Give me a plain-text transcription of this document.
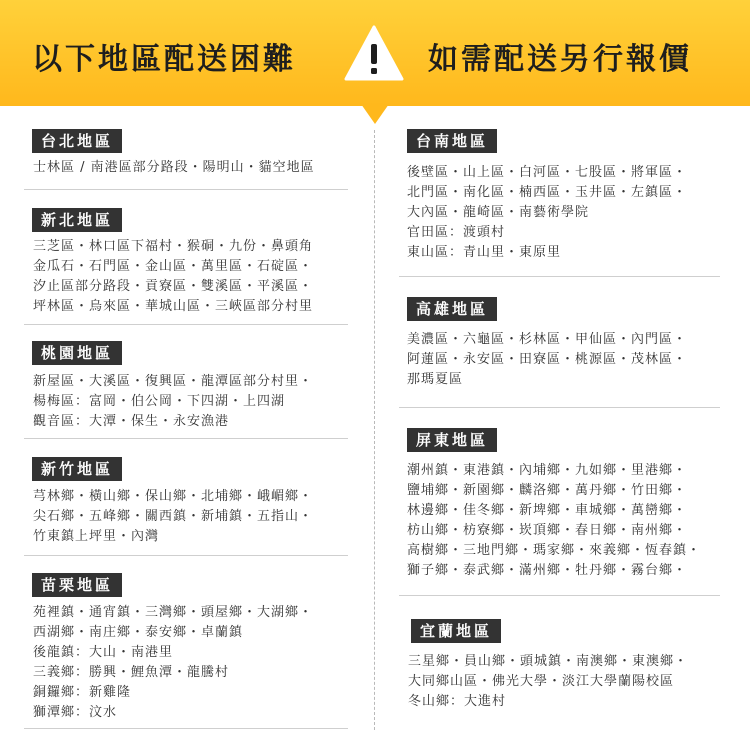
以下地區配送困難	如需配送另行報價
台北地區
士林區 / 南港區部分路段・陽明山・貓空地區
新北地區
三芝區・林口區下福村・猴硐・九份・鼻頭角
金瓜石・石門區・金山區・萬里區・石碇區・
汐止區部分路段・貢寮區・雙溪區・平溪區・
坪林區・烏來區・華城山區・三峽區部分村里
桃園地區
新屋區・大溪區・復興區・龍潭區部分村里・
楊梅區：富岡・伯公岡・下四湖・上四湖
觀音區：大潭・保生・永安漁港
新竹地區
芎林鄉・橫山鄉・保山鄉・北埔鄉・峨嵋鄉・
尖石鄉・五峰鄉・關西鎮・新埔鎮・五指山・
竹東鎮上坪里・內灣
苗栗地區
苑裡鎮・通宵鎮・三灣鄉・頭屋鄉・大湖鄉・
西湖鄉・南庄鄉・泰安鄉・卓蘭鎮
後龍鎮：大山・南港里
三義鄉：勝興・鯉魚潭・龍騰村
銅鑼鄉：新雞隆
獅潭鄉：汶水
台南地區
後壁區・山上區・白河區・七股區・將軍區・
北門區・南化區・楠西區・玉井區・左鎮區・
大內區・龍崎區・南藝術學院
官田區：渡頭村
東山區：青山里・東原里
高雄地區
美濃區・六龜區・杉林區・甲仙區・內門區・
阿蓮區・永安區・田寮區・桃源區・茂林區・
那瑪夏區
屏東地區
潮州鎮・東港鎮・內埔鄉・九如鄉・里港鄉・
鹽埔鄉・新園鄉・麟洛鄉・萬丹鄉・竹田鄉・
林邊鄉・佳冬鄉・新埤鄉・車城鄉・萬巒鄉・
枋山鄉・枋寮鄉・崁頂鄉・春日鄉・南州鄉・
高樹鄉・三地門鄉・瑪家鄉・來義鄉・恆春鎮・
獅子鄉・泰武鄉・滿州鄉・牡丹鄉・霧台鄉・
宜蘭地區
三星鄉・員山鄉・頭城鎮・南澳鄉・東澳鄉・
大同鄉山區・佛光大學・淡江大學蘭陽校區
冬山鄉：大進村
